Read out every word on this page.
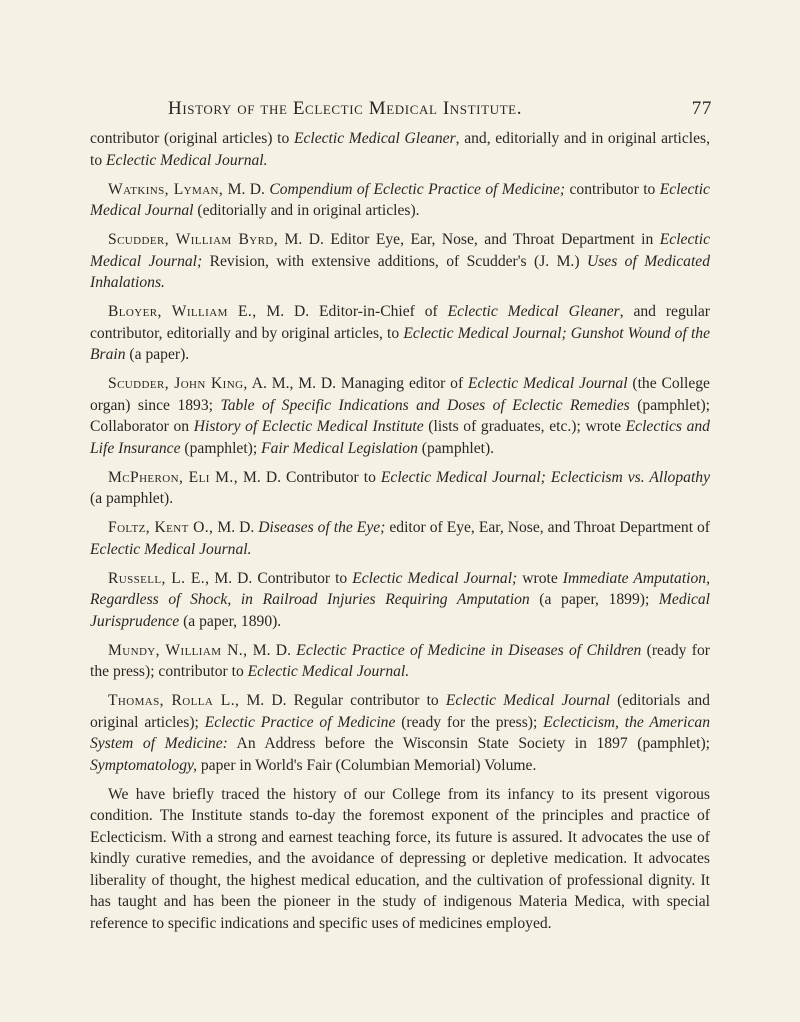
History of the Eclectic Medical Institute.	77

contributor (original articles) to Eclectic Medical Gleaner, and, editorially and in original articles, to Eclectic Medical Journal.

Watkins, Lyman, M. D. Compendium of Eclectic Practice of Medicine; contributor to Eclectic Medical Journal (editorially and in original articles).

Scudder, William Byrd, M. D. Editor Eye, Ear, Nose, and Throat Department in Eclectic Medical Journal; Revision, with extensive additions, of Scudder's (J. M.) Uses of Medicated Inhalations.

Bloyer, William E., M. D. Editor-in-Chief of Eclectic Medical Gleaner, and regular contributor, editorially and by original articles, to Eclectic Medical Journal; Gunshot Wound of the Brain (a paper).

Scudder, John King, A. M., M. D. Managing editor of Eclectic Medical Journal (the College organ) since 1893; Table of Specific Indications and Doses of Eclectic Remedies (pamphlet); Collaborator on History of Eclectic Medical Institute (lists of graduates, etc.); wrote Eclectics and Life Insurance (pamphlet); Fair Medical Legislation (pamphlet).

McPheron, Eli M., M. D. Contributor to Eclectic Medical Journal; Eclecticism vs. Allopathy (a pamphlet).

Foltz, Kent O., M. D. Diseases of the Eye; editor of Eye, Ear, Nose, and Throat Department of Eclectic Medical Journal.

Russell, L. E., M. D. Contributor to Eclectic Medical Journal; wrote Immediate Amputation, Regardless of Shock, in Railroad Injuries Requiring Amputation (a paper, 1899); Medical Jurisprudence (a paper, 1890).

Mundy, William N., M. D. Eclectic Practice of Medicine in Diseases of Children (ready for the press); contributor to Eclectic Medical Journal.

Thomas, Rolla L., M. D. Regular contributor to Eclectic Medical Journal (editorials and original articles); Eclectic Practice of Medicine (ready for the press); Eclecticism, the American System of Medicine: An Address before the Wisconsin State Society in 1897 (pamphlet); Symptomatology, paper in World's Fair (Columbian Memorial) Volume.

We have briefly traced the history of our College from its infancy to its present vigorous condition. The Institute stands to-day the foremost exponent of the principles and practice of Eclecticism. With a strong and earnest teaching force, its future is assured. It advocates the use of kindly curative remedies, and the avoidance of depressing or depletive medication. It advocates liberality of thought, the highest medical education, and the cultivation of professional dignity. It has taught and has been the pioneer in the study of indigenous Materia Medica, with special reference to specific indications and specific uses of medicines employed.
